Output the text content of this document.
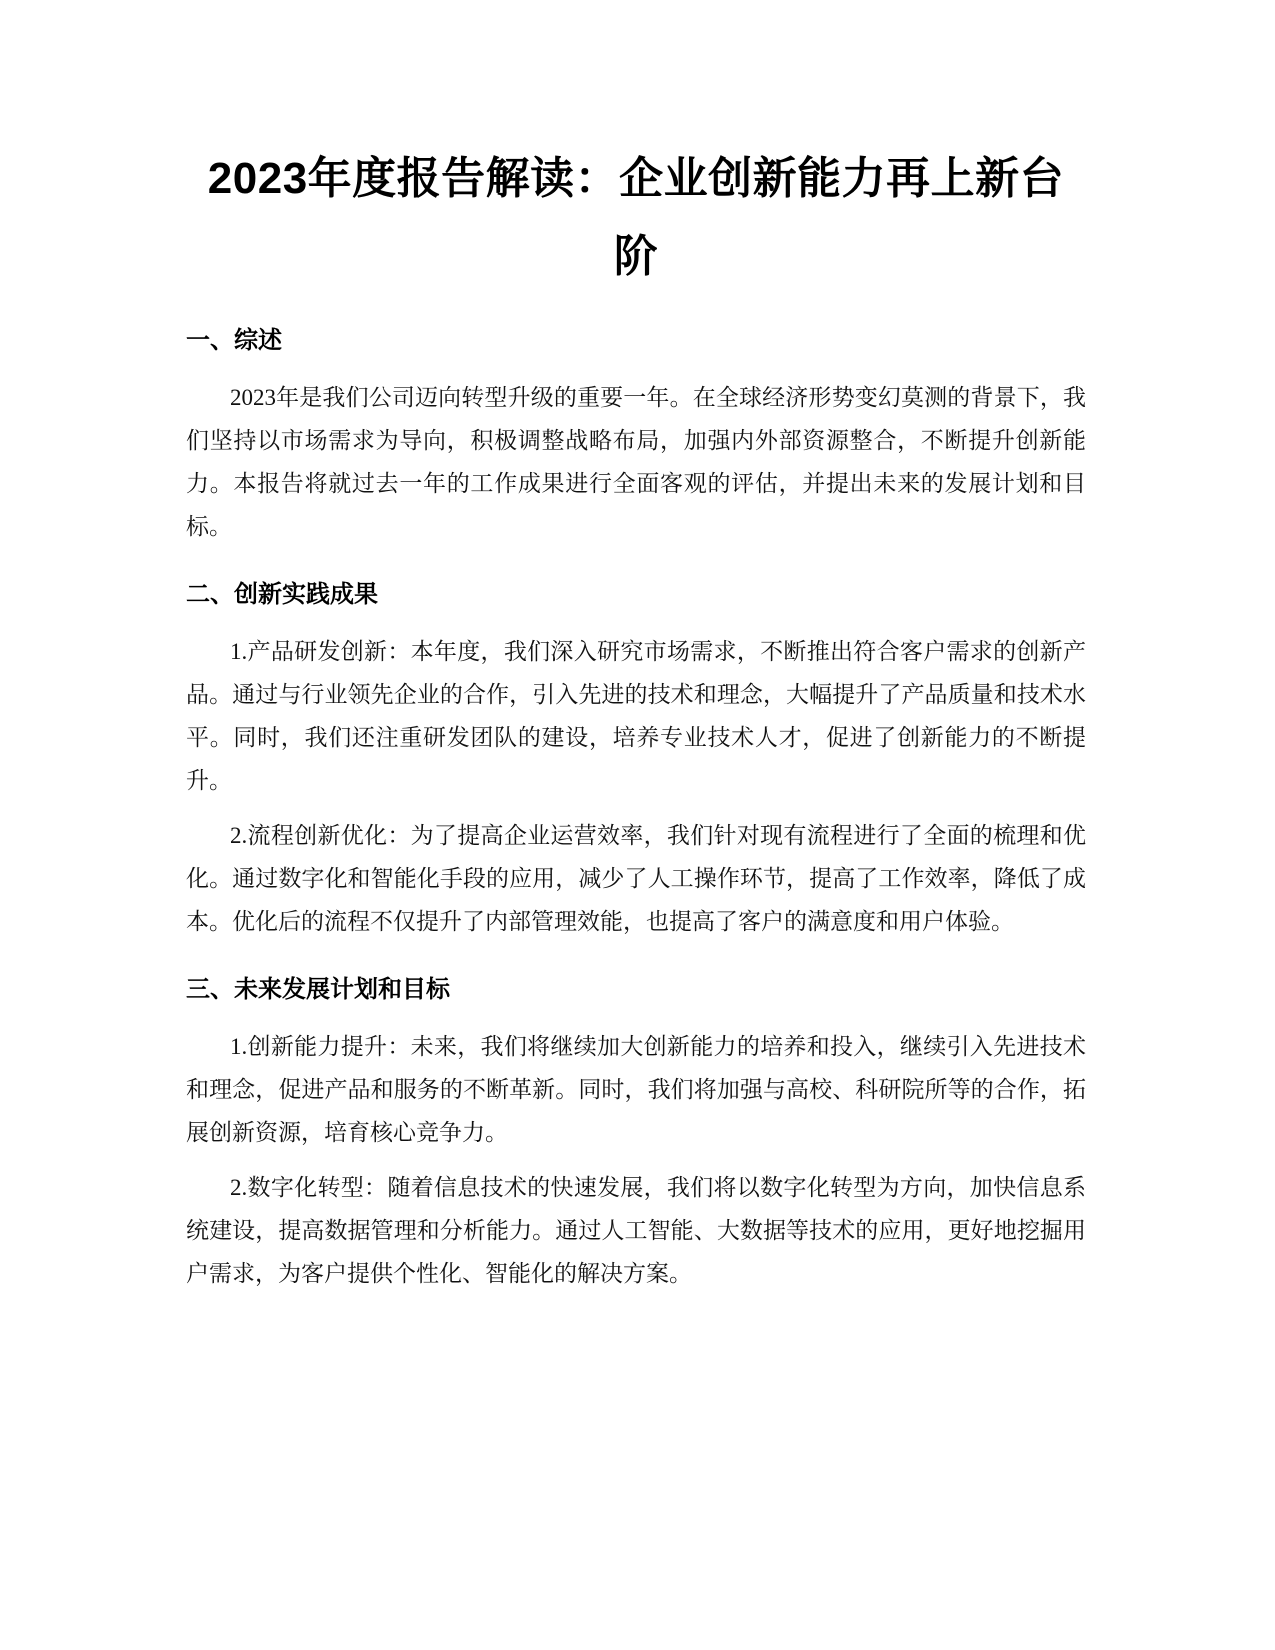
2023年度报告解读：企业创新能力再上新台阶
一、综述

2023年是我们公司迈向转型升级的重要一年。在全球经济形势变幻莫测的背景下，我们坚持以市场需求为导向，积极调整战略布局，加强内外部资源整合，不断提升创新能力。本报告将就过去一年的工作成果进行全面客观的评估，并提出未来的发展计划和目标。

二、创新实践成果

1.产品研发创新：本年度，我们深入研究市场需求，不断推出符合客户需求的创新产品。通过与行业领先企业的合作，引入先进的技术和理念，大幅提升了产品质量和技术水平。同时，我们还注重研发团队的建设，培养专业技术人才，促进了创新能力的不断提升。

2.流程创新优化：为了提高企业运营效率，我们针对现有流程进行了全面的梳理和优化。通过数字化和智能化手段的应用，减少了人工操作环节，提高了工作效率，降低了成本。优化后的流程不仅提升了内部管理效能，也提高了客户的满意度和用户体验。

三、未来发展计划和目标

1.创新能力提升：未来，我们将继续加大创新能力的培养和投入，继续引入先进技术和理念，促进产品和服务的不断革新。同时，我们将加强与高校、科研院所等的合作，拓展创新资源，培育核心竞争力。

2.数字化转型：随着信息技术的快速发展，我们将以数字化转型为方向，加快信息系统建设，提高数据管理和分析能力。通过人工智能、大数据等技术的应用，更好地挖掘用户需求，为客户提供个性化、智能化的解决方案。
